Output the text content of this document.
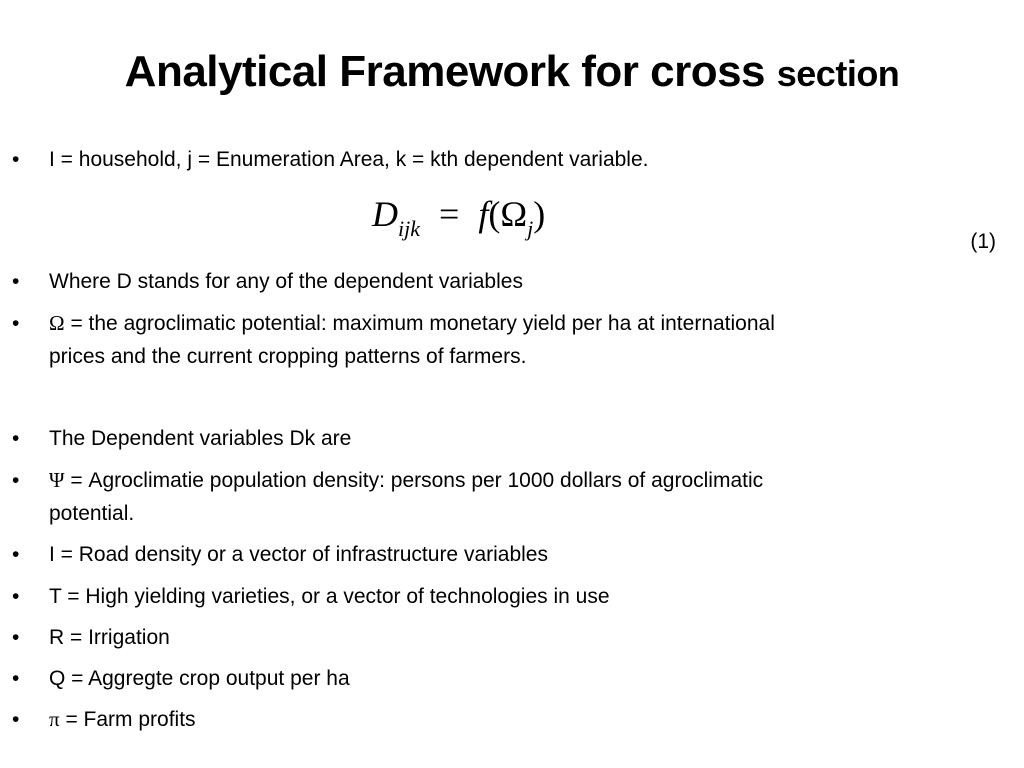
Analytical Framework for cross section
• I = household, j = Enumeration Area, k = kth dependent variable.
$D_{ijk} = f(\Omega_j)$
(1)
• Where D stands for any of the dependent variables
• Ω = the agroclimatic potential: maximum monetary yield per ha at international
prices and the current cropping patterns of farmers.
• The Dependent variables Dk are
• Ψ = Agroclimatie population density: persons per 1000 dollars of agroclimatic
potential.
• I = Road density or a vector of infrastructure variables
• T = High yielding varieties, or a vector of technologies in use
• R = Irrigation
• Q = Aggregte crop output per ha
• π = Farm profits
